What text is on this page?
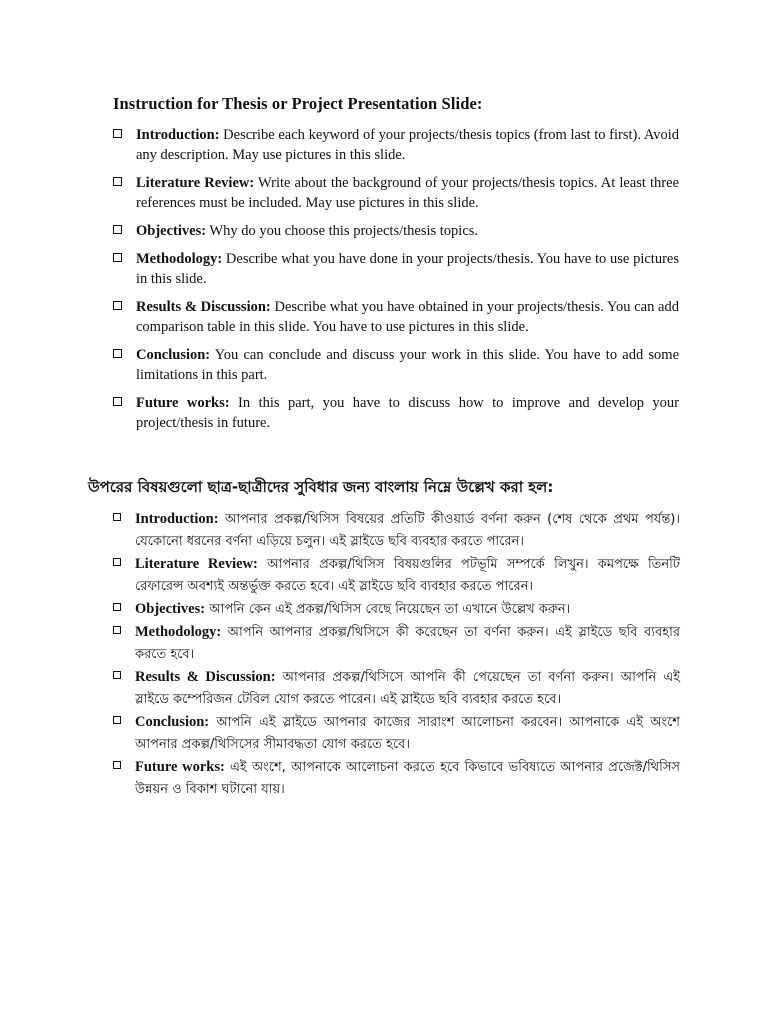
Instruction for Thesis or Project Presentation Slide:
Introduction: Describe each keyword of your projects/thesis topics (from last to first). Avoid any description. May use pictures in this slide.
Literature Review: Write about the background of your projects/thesis topics. At least three references must be included. May use pictures in this slide.
Objectives: Why do you choose this projects/thesis topics.
Methodology: Describe what you have done in your projects/thesis. You have to use pictures in this slide.
Results & Discussion: Describe what you have obtained in your projects/thesis. You can add comparison table in this slide. You have to use pictures in this slide.
Conclusion: You can conclude and discuss your work in this slide. You have to add some limitations in this part.
Future works: In this part, you have to discuss how to improve and develop your project/thesis in future.
উপরের বিষয়গুলো ছাত্র-ছাত্রীদের সুবিধার জন্য বাংলায় নিম্নে উল্লেখ করা হল:
Introduction: আপনার প্রকল্প/থিসিস বিষয়ের প্রতিটি কীওয়ার্ড বর্ণনা করুন (শেষ থেকে প্রথম পর্যন্ত)। যেকোনো ধরনের বর্ণনা এড়িয়ে চলুন। এই স্লাইডে ছবি ব্যবহার করতে পারেন।
Literature Review: আপনার প্রকল্প/থিসিস বিষয়গুলির পটভূমি সম্পর্কে লিখুন। কমপক্ষে তিনটি রেফারেন্স অবশ্যই অন্তর্ভুক্ত করতে হবে। এই স্লাইডে ছবি ব্যবহার করতে পারেন।
Objectives: আপনি কেন এই প্রকল্প/থিসিস বেছে নিয়েছেন তা এখানে উল্লেখ করুন।
Methodology: আপনি আপনার প্রকল্প/থিসিসে কী করেছেন তা বর্ণনা করুন। এই স্লাইডে ছবি ব্যবহার করতে হবে।
Results & Discussion: আপনার প্রকল্প/থিসিসে আপনি কী পেয়েছেন তা বর্ণনা করুন। আপনি এই স্লাইডে কম্পেরিজন টেবিল যোগ করতে পারেন। এই স্লাইডে ছবি ব্যবহার করতে হবে।
Conclusion: আপনি এই স্লাইডে আপনার কাজের সারাংশ আলোচনা করবেন। আপনাকে এই অংশে আপনার প্রকল্প/থিসিসের সীমাবদ্ধতা যোগ করতে হবে।
Future works: এই অংশে, আপনাকে আলোচনা করতে হবে কিভাবে ভবিষ্যতে আপনার প্রজেক্ট/থিসিস উন্নয়ন ও বিকাশ ঘটানো যায়।
